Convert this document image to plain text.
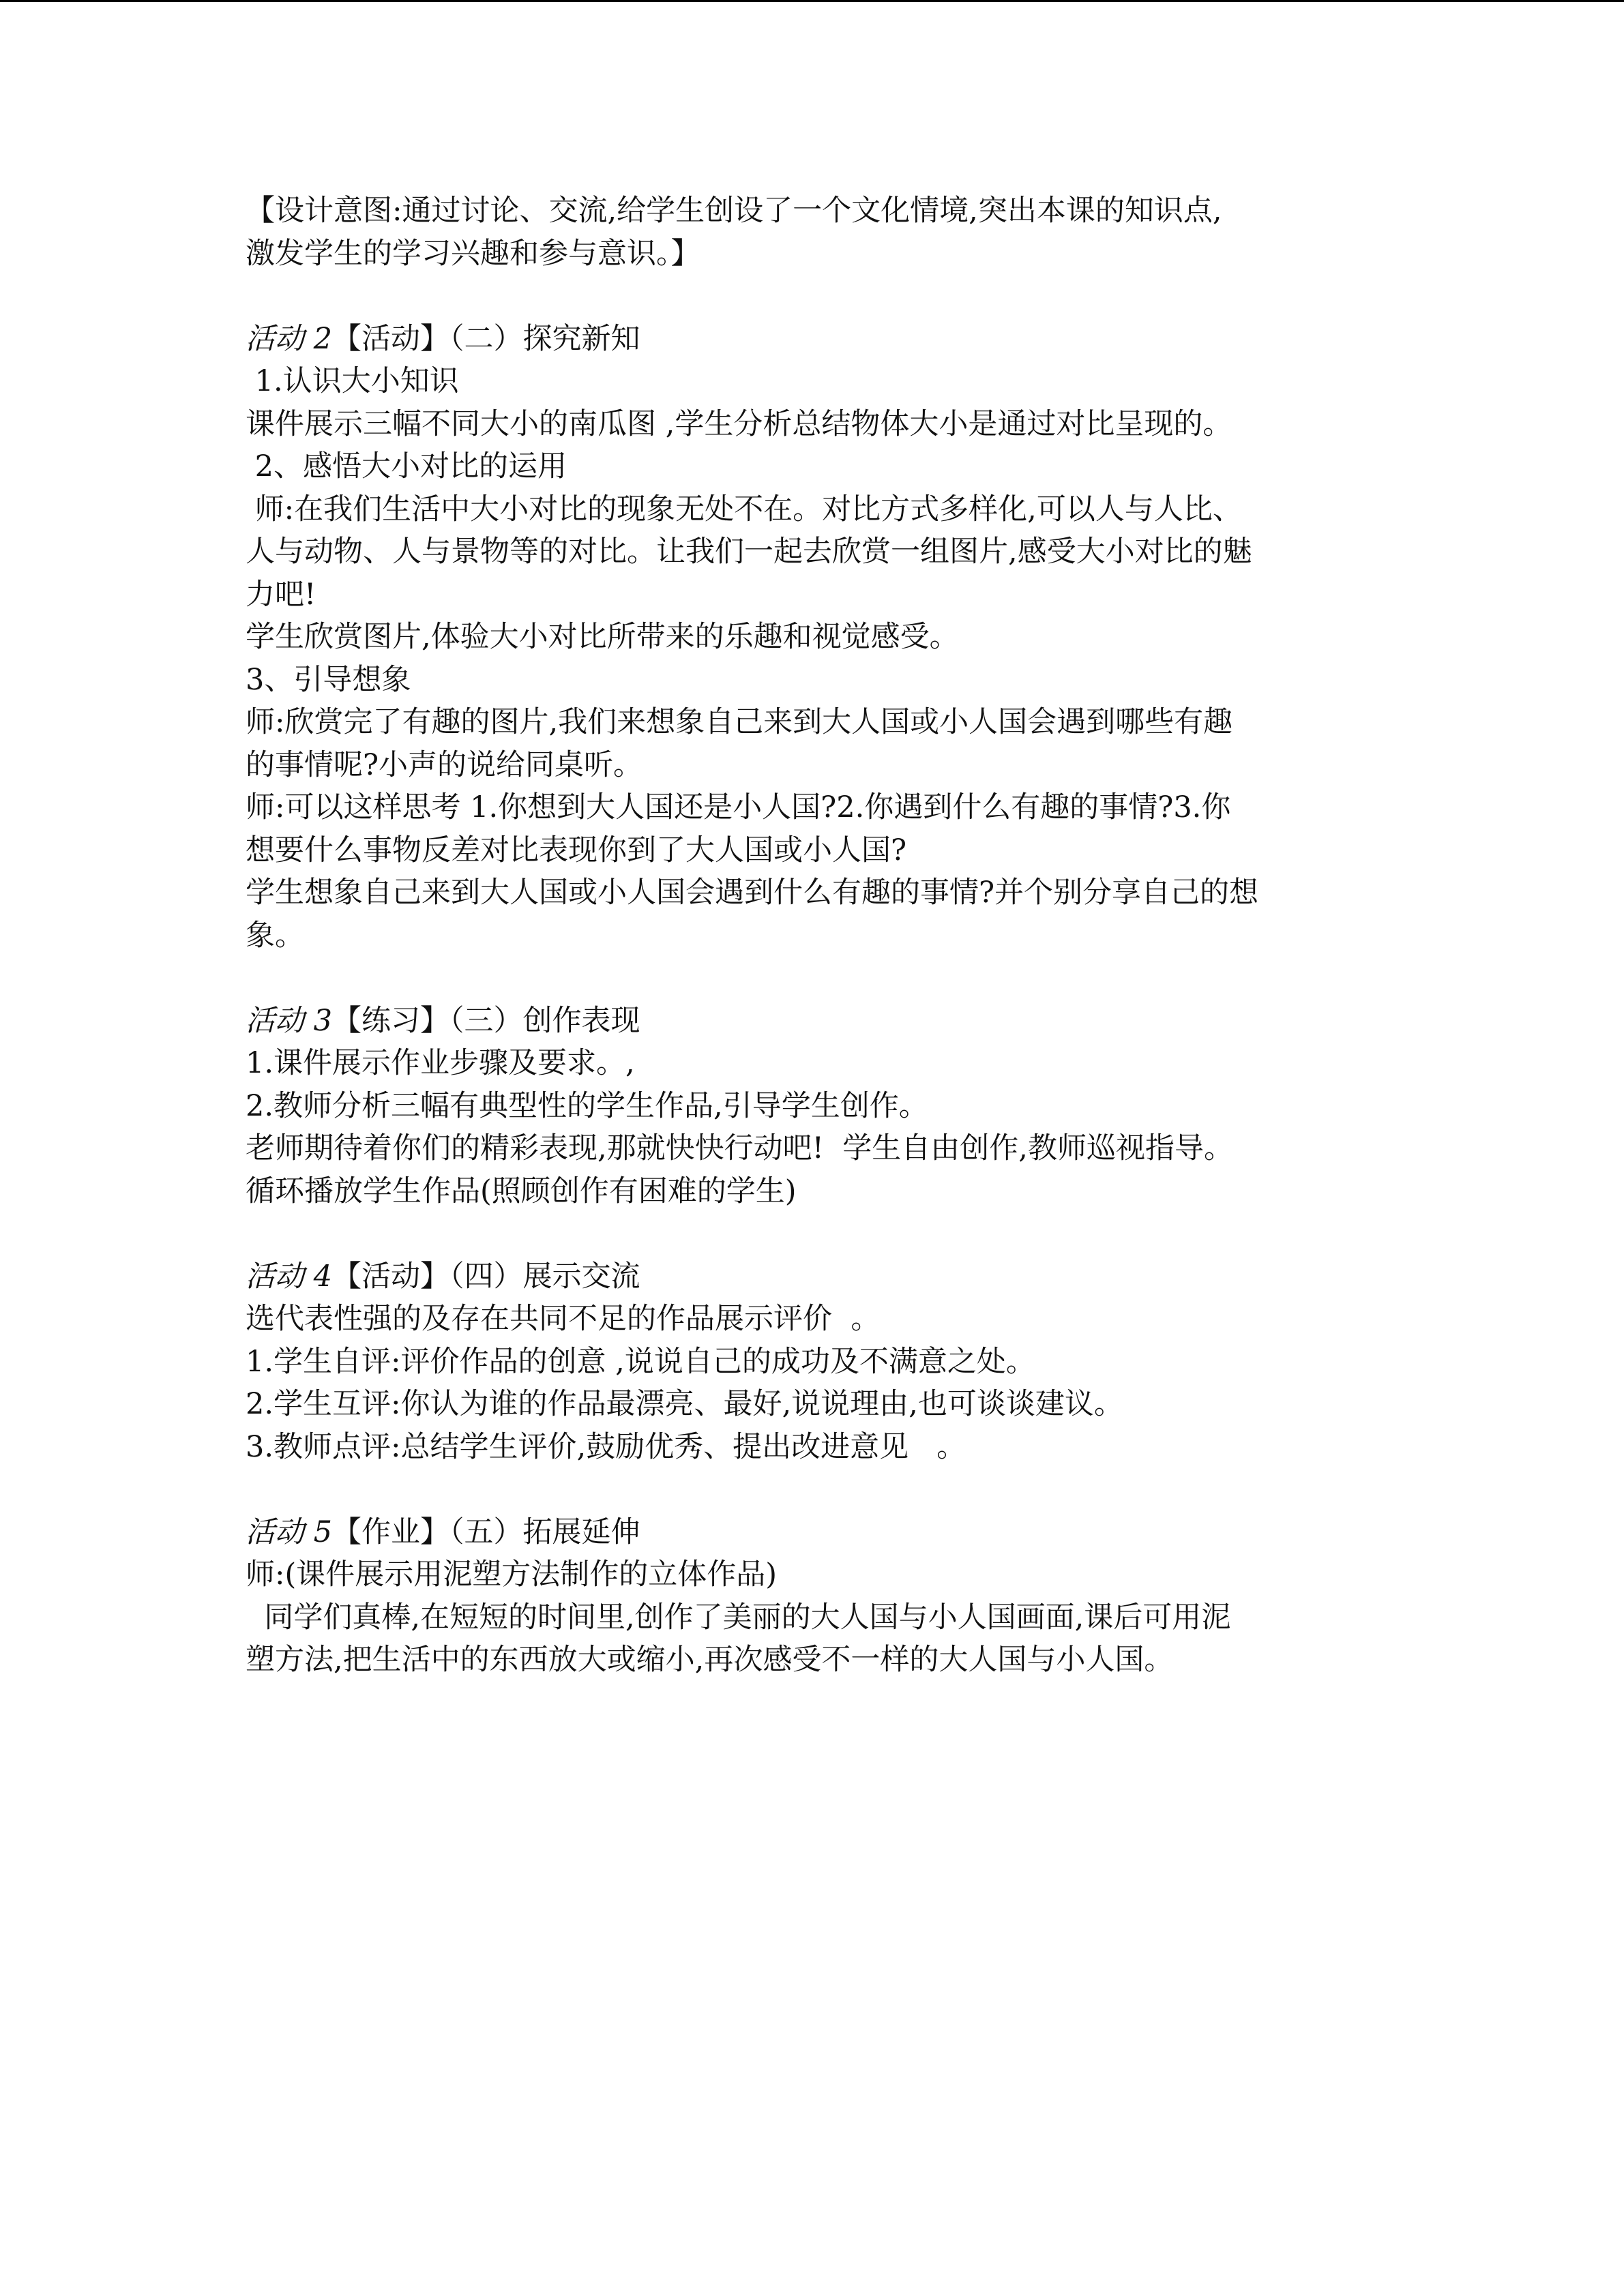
【设计意图:通过讨论、交流,给学生创设了一个文化情境,突出本课的知识点,
激发学生的学习兴趣和参与意识。】
活动 2【活动】（二）探究新知
1.认识大小知识
课件展示三幅不同大小的南瓜图 ,学生分析总结物体大小是通过对比呈现的。
2、感悟大小对比的运用
师:在我们生活中大小对比的现象无处不在。对比方式多样化,可以人与人比、
人与动物、人与景物等的对比。让我们一起去欣赏一组图片,感受大小对比的魅
力吧!
学生欣赏图片,体验大小对比所带来的乐趣和视觉感受。
3、引导想象
师:欣赏完了有趣的图片,我们来想象自己来到大人国或小人国会遇到哪些有趣
的事情呢?小声的说给同桌听。
师:可以这样思考 1.你想到大人国还是小人国?2.你遇到什么有趣的事情?3.你
想要什么事物反差对比表现你到了大人国或小人国?
学生想象自己来到大人国或小人国会遇到什么有趣的事情?并个别分享自己的想
象。
活动 3【练习】（三）创作表现
1.课件展示作业步骤及要求。,
2.教师分析三幅有典型性的学生作品,引导学生创作。
老师期待着你们的精彩表现,那就快快行动吧!  学生自由创作,教师巡视指导。
循环播放学生作品(照顾创作有困难的学生)
活动 4【活动】（四）展示交流
选代表性强的及存在共同不足的作品展示评价  。
1.学生自评:评价作品的创意 ,说说自己的成功及不满意之处。
2.学生互评:你认为谁的作品最漂亮、最好,说说理由,也可谈谈建议。
3.教师点评:总结学生评价,鼓励优秀、提出改进意见   。
活动 5【作业】（五）拓展延伸
师:(课件展示用泥塑方法制作的立体作品)
同学们真棒,在短短的时间里,创作了美丽的大人国与小人国画面,课后可用泥
塑方法,把生活中的东西放大或缩小,再次感受不一样的大人国与小人国。
